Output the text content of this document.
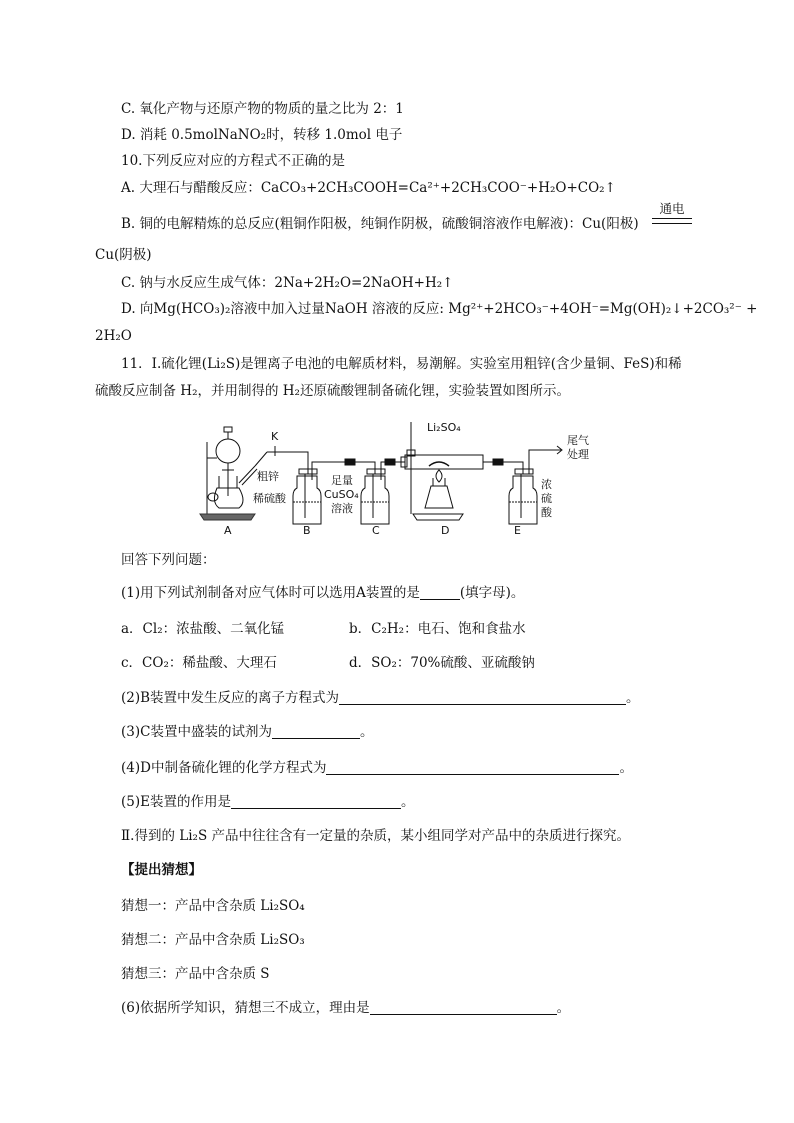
C. 氧化产物与还原产物的物质的量之比为 2：1
D. 消耗 0.5molNaNO₂时，转移 1.0mol 电子
10.下列反应对应的方程式不正确的是
A. 大理石与醋酸反应：CaCO₃+2CH₃COOH=Ca²⁺+2CH₃COO⁻+H₂O+CO₂↑
B. 铜的电解精炼的总反应(粗铜作阳极，纯铜作阴极，硫酸铜溶液作电解液)：Cu(阳极)
通电
Cu(阴极)
C. 钠与水反应生成气体：2Na+2H₂O=2NaOH+H₂↑
D. 向Mg(HCO₃)₂溶液中加入过量NaOH 溶液的反应: Mg²⁺+2HCO₃⁻+4OH⁻=Mg(OH)₂↓+2CO₃²⁻ +
2H₂O
11．Ⅰ.硫化锂(Li₂S)是锂离子电池的电解质材料，易潮解。实验室用粗锌(含少量铜、FeS)和稀
硫酸反应制备 H₂，并用制得的 H₂还原硫酸锂制备硫化锂，实验装置如图所示。
K
Li₂SO₄
尾气
处理
粗锌
稀硫酸
足量
CuSO₄
溶液
浓
硫
酸
A	B	C	D	E
回答下列问题：
(1)用下列试剂制备对应气体时可以选用A装置的是	(填字母)。
a．Cl₂：浓盐酸、二氧化锰	b．C₂H₂：电石、饱和食盐水
c．CO₂：稀盐酸、大理石	d．SO₂：70%硫酸、亚硫酸钠
(2)B装置中发生反应的离子方程式为	。
(3)C装置中盛装的试剂为	。
(4)D中制备硫化锂的化学方程式为	。
(5)E装置的作用是	。
Ⅱ.得到的 Li₂S 产品中往往含有一定量的杂质，某小组同学对产品中的杂质进行探究。
【提出猜想】
猜想一：产品中含杂质 Li₂SO₄
猜想二：产品中含杂质 Li₂SO₃
猜想三：产品中含杂质 S
(6)依据所学知识，猜想三不成立，理由是	。
